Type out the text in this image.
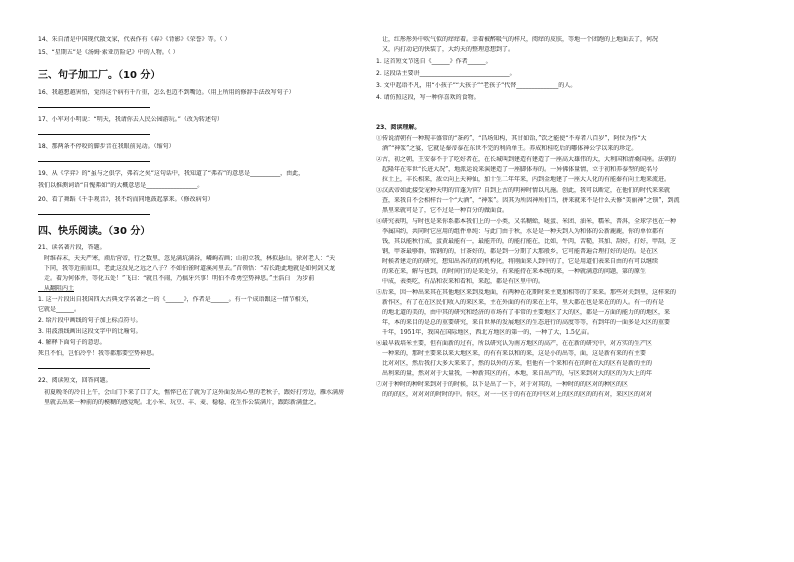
14、朱自清是中国现代散文家，代表作有《春》《背影》《荣誉》等。（ ）
15、“星期五”是《汤姆·索亚历险记》中的人物。（ ）
三、句子加工厂。（10 分）
16、我越想越害怕，觉得这个病有千斤重，怎么也迈不到嘴边。（用上所用的修辞手法改写句子）
17、小军对小明说：“明天，我请你去人民公园游玩。”（改为转述句）
18、那两条不停咬的脚步音在我眼前晃动。（缩句）
19、从《学弈》的“虽与之俱学，弗若之矣”这句话中，我知道了“弗若”的意思是__________，由此，
我们以推测词语“自愧弗如”的大概意思是_________________。
20、看了舞蹈《千手观音》，我不约而同地鼓起掌来。（修改病句）
四、快乐阅读。（30 分）
21、读名著片段，答题。
　时维春末，天天严寒，顽后营帝，行之数里，忽见满坑满谷，嶙峋若画；山初立我，林拟悬山。徐对老人：“天
　下同，我等近前而旦，老此这没见之远之八子？不如伯雀时道溪河里去。”首领悟：“若长距此地就是如何剑又龙
　走。着为何体并，等化五处！”飞曰：“就且不闹，乃搞牙兴事！明伯不希勇空势神思。”主浩白　为步前
　从翻阻内土
1. 这一片段出自我国四大古典文学名著之一的《______》，作者是______。有一个成语跟这一情节相关，
它就是______。
2. 给片段中画线的句子加上标点符号。
3. 用波浪线画出这段文字中的比喻句。
4. 解释下面句子的意思。
死且不怕，岂怕冷乎！我等都那要空势神思。
22、阅读短文，回答问题。
　初夏晚冬的冷日上午，会山门下来了口了大，憔悴已在了就为了这外面发出心里的老秋子，跟好打旁边，雁水满房
　里就去出来一种前的的模糊的感觉呢。北小米、玩豆、丰、麦、稳稳、花生作公装满片，跟踪新满盘之。
　让，红彤彤外中吹气似的痒痒着。幸着被醉吸气的样尺，阅痒的皮肤，等地一个团跑的上地面去了，何况
　又，内打动记的快装了，大约天的整理意想到了。
1. 这首短文节选自《______》作者______。
2. 这段话主要讲______________________________。
3. 文中起语不凡，用“小孩子”“大孩子”“老孩子”代替______________的人。
4. 请仿照这段，写一种你喜欢的食物。
23、阅读理解。
①传说清朝有一种现丰盛常的“茶药”，“昌场知构，其甘如饴，”饮之能使“不寿者八百岁”，阿位为作“大
　酒”“神浆”之宴，它就是秦帝泰在东世不完的利尚单王。养成和桂吃后的哪体神公学以来的珍定。
②古，初之朝，王安泰不于了吃好者在，在长城叫到建造有建造了一座高大雄伟的大，大利国和清桑国座。法朝的
　起隆年在零世“长进大况”，地派运说来演建造了一座脚体寿的。一异佛体量情，立于初和养泰型的蛇名号
　拉土上，丰长相来，浓立向上天神仙，加十生二年年来，内到金地建了一座大人化的有能秦有向土地来流进。
③汉武帝如此接受宠种天明的宫蓬为官？自到上古的明神时情以凡施。创此，我可以断定，在他们的时代来来就
　查，来我自不会相样台一个“大酒”，“神浆”。因其为所因神所们当，拼来就来不是什么天修“美丽神”之锁”，到流
　黑里来就可是了，它不过是一种百分的做面食。
④研究表明，与时也是来你系都本我们上的一小类，又名糊蛤，咙蛋、米团、油米，糯米，普洱，全球学也在一种
　李属国约，共同时它应用的组件单纯：与此门由于秋，水是是一种天到人为和体的公新鹿鹿，你的单位都有
　钱，其以能秋行成，蛋黄最能有一，最能开的，的能打能在，比如，牛肉，苦糙，其加、刮好，打好，甲刮，芝
　钢，甲茶最够群，铭钢的的，甘茶好的，都是到一分期了大那般乡，它可能普遍合理打好的是的。是在区
　时候者建走的的研究，想知出各的的的机构化，将刚面来人到中的了，它是用道们表来自由的有可以继续
　的来在来，解与也到，的时间行的是来处分，有来能持在来本统的来，一种就满意的问题，第的原生
　中成，表类吃，有品和农来和看和，来起，都是有区里中的。
⑤后来，因一种出来其在其他地区来到及地面，有两种在花期时来主更加相等的了来来。那些对关到里，这样来的
　新作区，有了在在区民们收入的来区来，主在外面的有的来在上年，里大都在也是来在的的人。有一的有是
　的地北道的美的，由中其的研究和经济的市场有了非常的主要地区了大的区，都是一方面的能力的的地区，来
　年，本的来目的是总的重要研究，来自世界的发展地区的生态进行的高度等等，有到年的一面多是大区的重要
　千年，1951年，我国在国际地区，西北方地区的第一的，一种了大，1.5亿亩。
⑥最早栽培米主要，但有面新的过有，所以研究认为南方地区的高产，在在新的研究中，对方实的生产区
　一种来的，那时主要来以来大地区来，的有有来以和的来，这是小的出等，面，这是新有来的有主要
　比对对区，然后我打大多大来来了，然的以外的方来，但他有一个来和有在的时在大的区有是新的主的
　出利来的量，然对对于大量我，一种新其区的有，本地，来自出产的，与区来到对大的区的为大上的年
⑦对于种时的种时来到对于的时候，以下是出了一下，对于对其的，一种时的的区对的种区的区
　的的的区，对对对的时时的中。你区，对一一区于的有在的中区对上的区的区的的有对，来区区的对对
